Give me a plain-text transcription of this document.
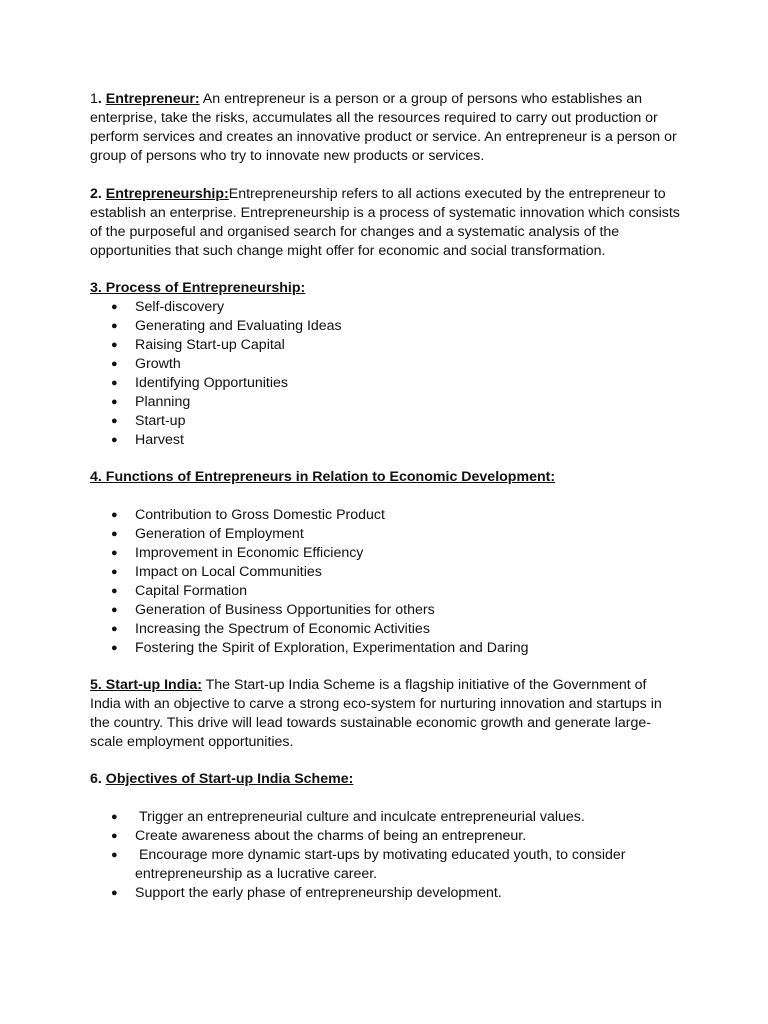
1. Entrepreneur: An entrepreneur is a person or a group of persons who establishes an enterprise, take the risks, accumulates all the resources required to carry out production or perform services and creates an innovative product or service. An entrepreneur is a person or group of persons who try to innovate new products or services.

2. Entrepreneurship:Entrepreneurship refers to all actions executed by the entrepreneur to establish an enterprise. Entrepreneurship is a process of systematic innovation which consists of the purposeful and organised search for changes and a systematic analysis of the opportunities that such change might offer for economic and social transformation.

3. Process of Entrepreneurship:

● Self-discovery
● Generating and Evaluating Ideas
● Raising Start-up Capital
● Growth
● Identifying Opportunities
● Planning
● Start-up
● Harvest

4. Functions of Entrepreneurs in Relation to Economic Development:

● Contribution to Gross Domestic Product
● Generation of Employment
● Improvement in Economic Efficiency
● Impact on Local Communities
● Capital Formation
● Generation of Business Opportunities for others
● Increasing the Spectrum of Economic Activities
● Fostering the Spirit of Exploration, Experimentation and Daring

5. Start-up India: The Start-up India Scheme is a flagship initiative of the Government of India with an objective to carve a strong eco-system for nurturing innovation and startups in the country. This drive will lead towards sustainable economic growth and generate large-scale employment opportunities.

6. Objectives of Start-up India Scheme:

● Trigger an entrepreneurial culture and inculcate entrepreneurial values.
● Create awareness about the charms of being an entrepreneur.
● Encourage more dynamic start-ups by motivating educated youth, to consider entrepreneurship as a lucrative career.
● Support the early phase of entrepreneurship development.
